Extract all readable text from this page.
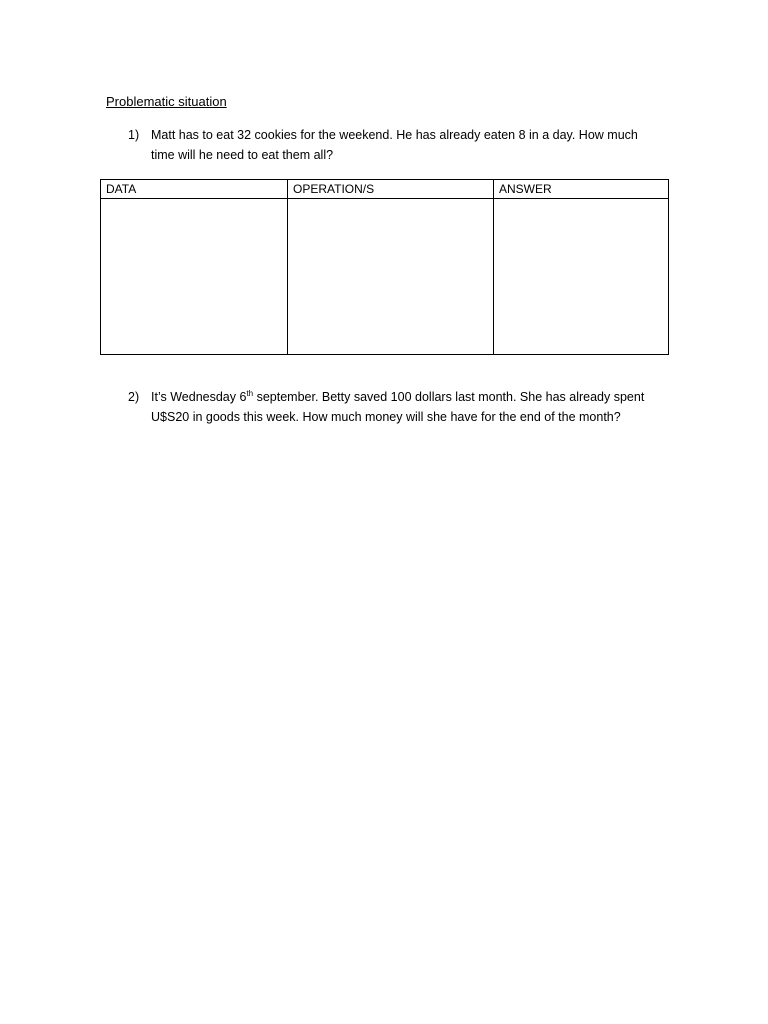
Problematic situation
1) Matt has to eat 32 cookies for the weekend. He has already eaten 8 in a day. How much time will he need to eat them all?
DATA	OPERATION/S	ANSWER

2) It’s Wednesday 6th september. Betty saved 100 dollars last month. She has already spent U$S20 in goods this week. How much money will she have for the end of the month?
